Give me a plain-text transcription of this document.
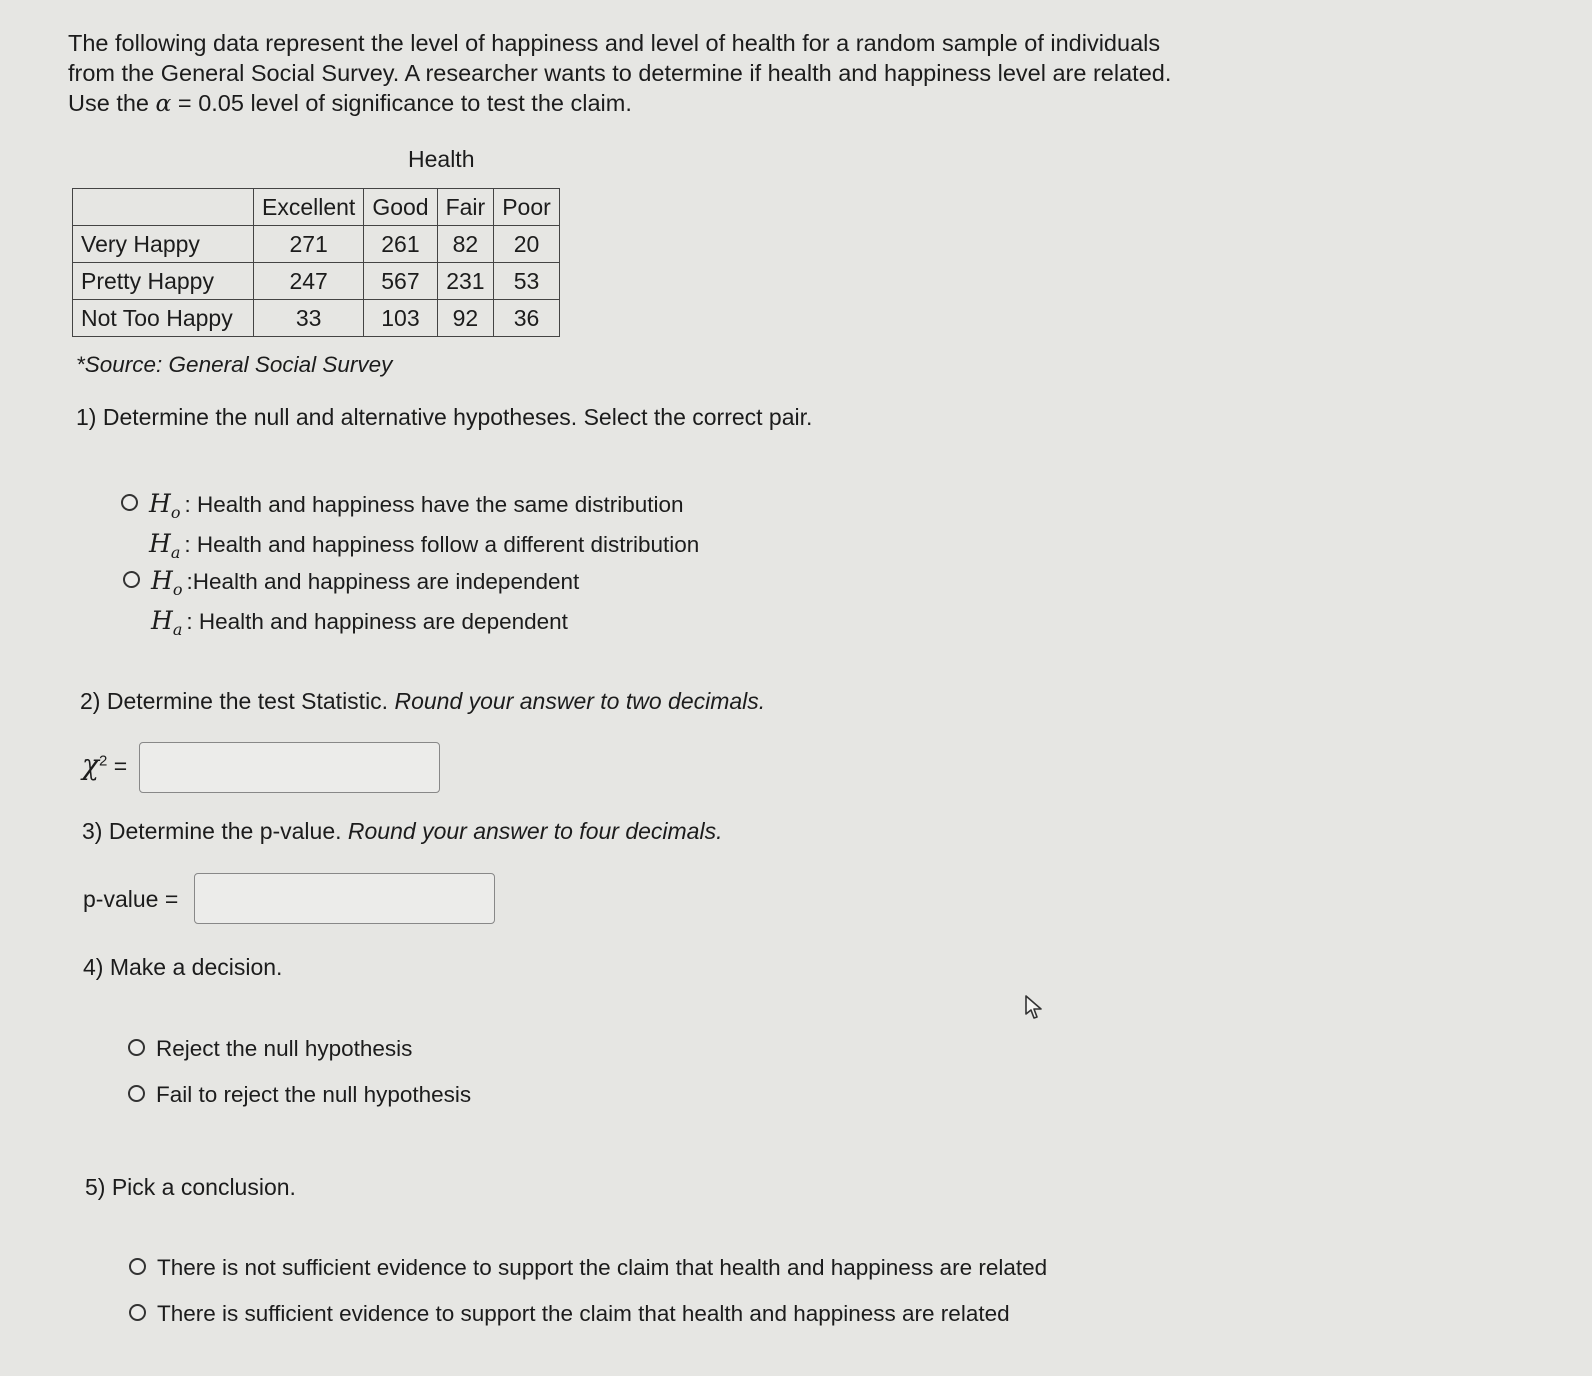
The following data represent the level of happiness and level of health for a random sample of individuals

from the General Social Survey. A researcher wants to determine if health and happiness level are related.

Use the α = 0.05 level of significance to test the claim.

Health
	Excellent	Good	Fair	Poor
Very Happy	271	261	82	20
Pretty Happy	247	567	231	53
Not Too Happy	33	103	92	36
*Source: General Social Survey
1) Determine the null and alternative hypotheses. Select the correct pair.
$H_o$ : Health and happiness have the same distribution
$H_a$ : Health and happiness follow a different distribution
$H_o$ :Health and happiness are independent
$H_a$ : Health and happiness are dependent
2) Determine the test Statistic. Round your answer to two decimals.
$\chi^2$ =
3) Determine the p-value. Round your answer to four decimals.
p-value =
4) Make a decision.
Reject the null hypothesis
Fail to reject the null hypothesis
5) Pick a conclusion.
There is not sufficient evidence to support the claim that health and happiness are related
There is sufficient evidence to support the claim that health and happiness are related
